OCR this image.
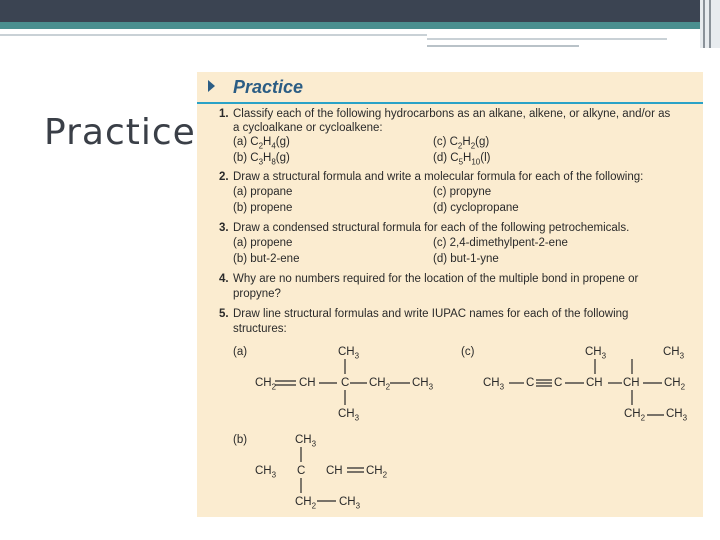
Practice
Practice
1. Classify each of the following hydrocarbons as an alkane, alkene, or alkyne, and/or as
a cycloalkane or cycloalkene:
(a) $C_2H_4(g)$	(c) $C_2H_2(g)$
(b) $C_3H_8(g)$	(d) $C_5H_{10}(l)$
2. Draw a structural formula and write a molecular formula for each of the following:
(a) propane	(c) propyne
(b) propene	(d) cyclopropane
3. Draw a condensed structural formula for each of the following petrochemicals.
(a) propene	(c) 2,4-dimethylpent-2-ene
(b) but-2-ene	(d) but-1-yne
4. Why are no numbers required for the location of the multiple bond in propene or
propyne?
5. Draw line structural formulas and write IUPAC names for each of the following
structures:
(a)	(c)
(b)
$CH_3$
$CH_2$ CH C $CH_2$ $CH_3$
$CH_3$
$CH_3$	$CH_3$
$CH_3$ C C CH CH $CH_2$
$CH_2$ $CH_3$
$CH_3$
$CH_3$ C CH $CH_2$
$CH_2$ $CH_3$
